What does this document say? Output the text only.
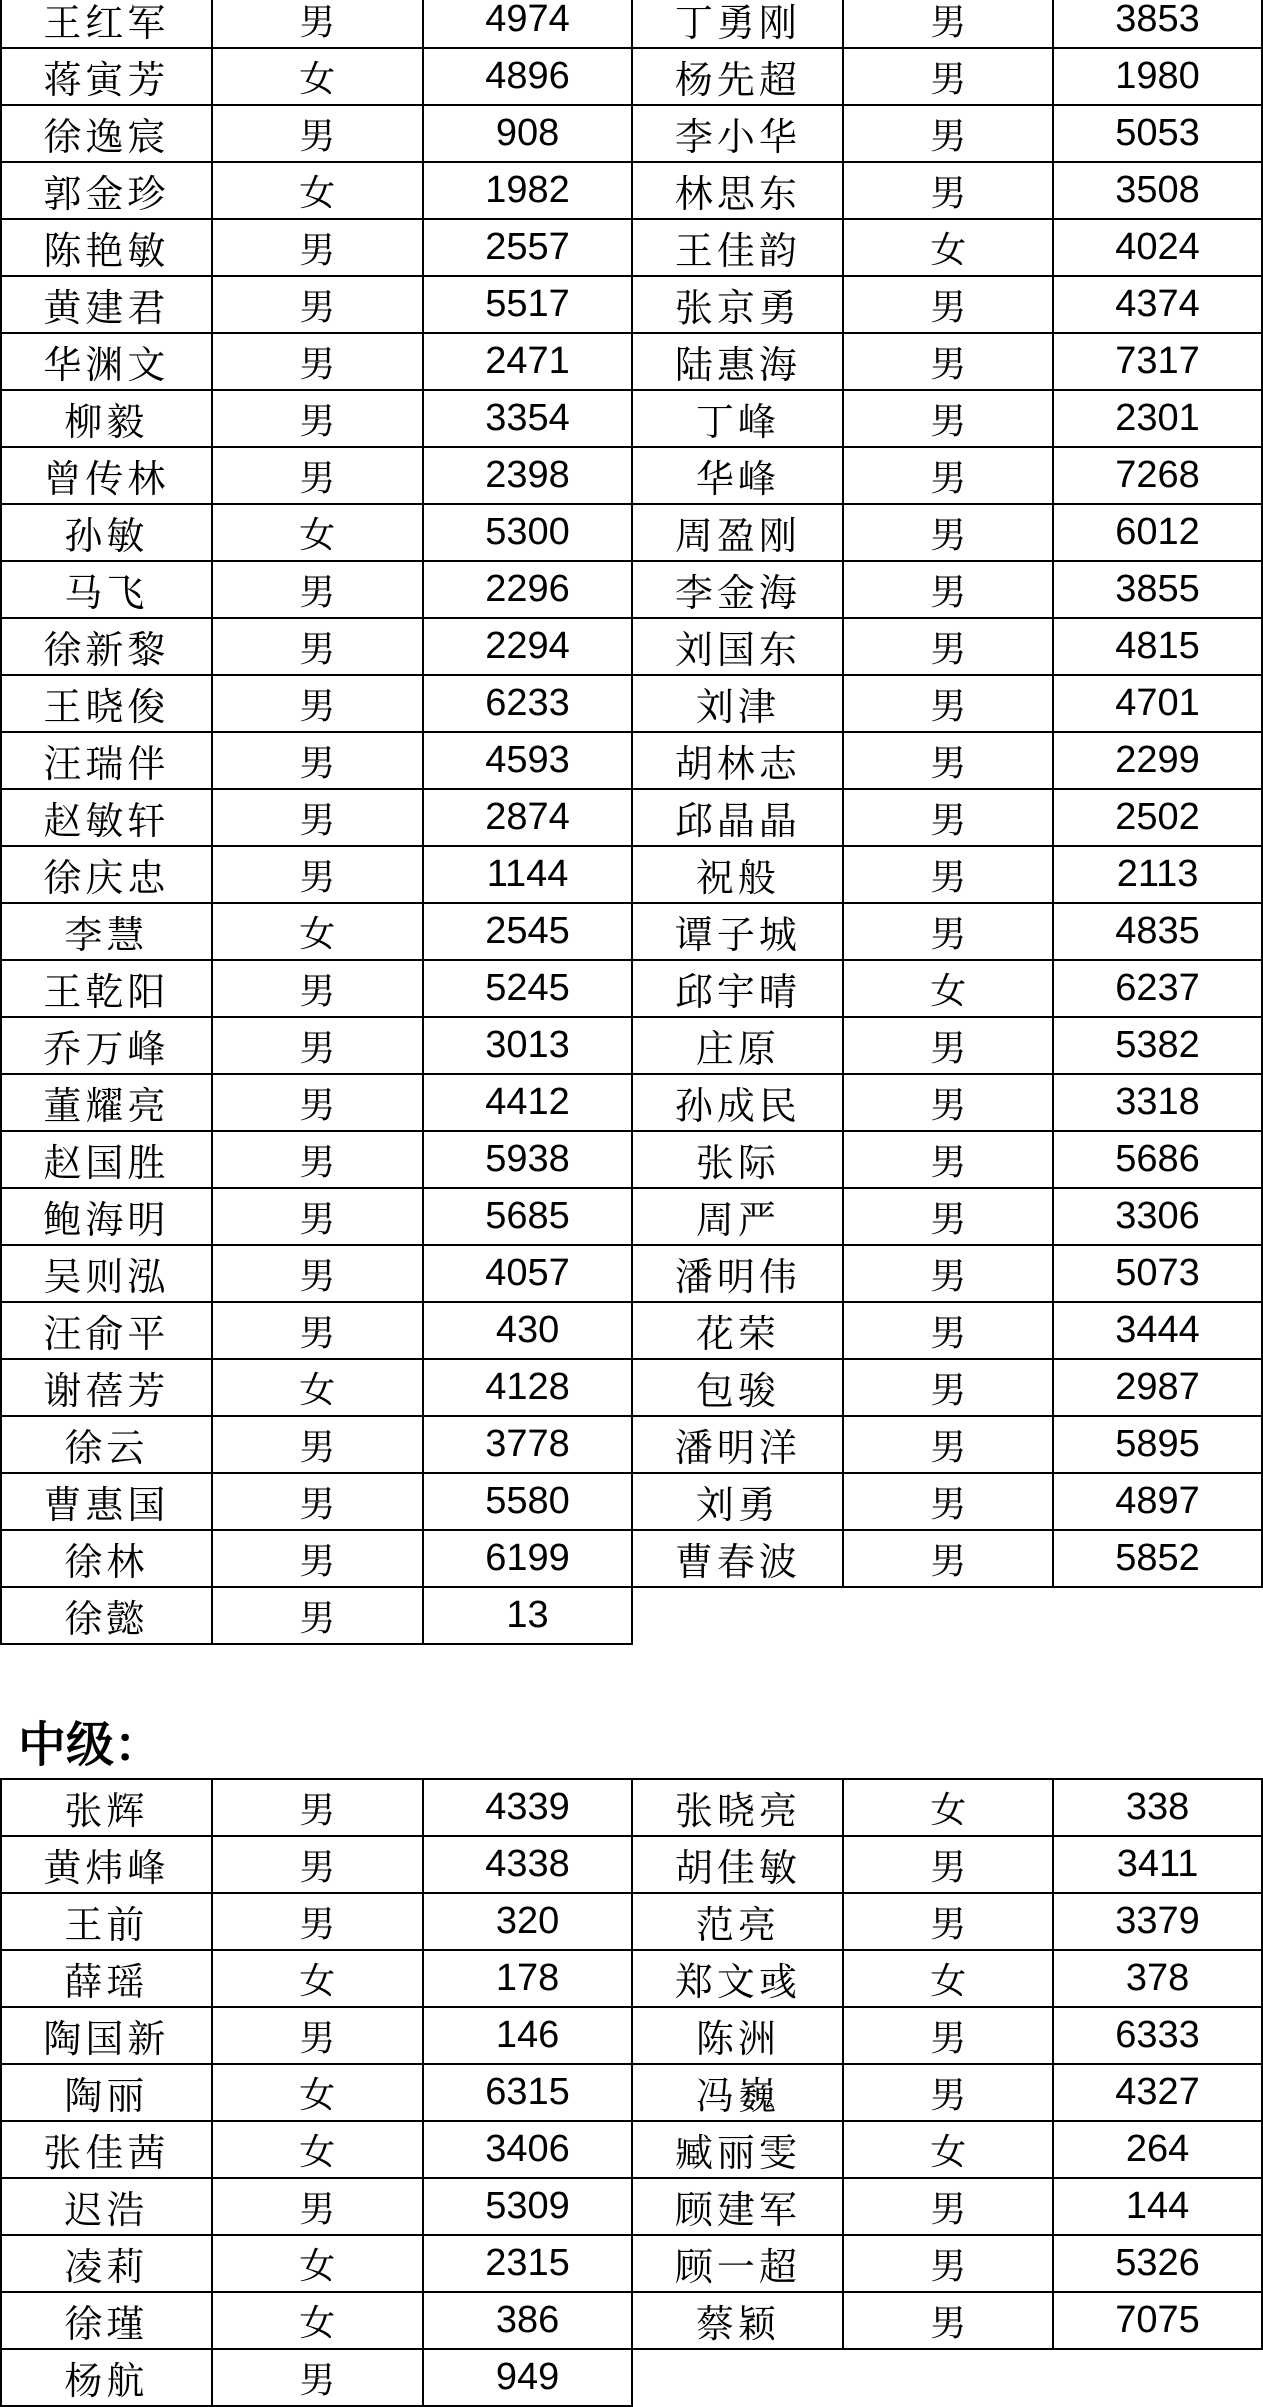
王红军	男	4974	丁勇刚	男	3853
蒋寅芳	女	4896	杨先超	男	1980
徐逸宸	男	908	李小华	男	5053
郭金珍	女	1982	林思东	男	3508
陈艳敏	男	2557	王佳韵	女	4024
黄建君	男	5517	张京勇	男	4374
华渊文	男	2471	陆惠海	男	7317
柳毅	男	3354	丁峰	男	2301
曾传林	男	2398	华峰	男	7268
孙敏	女	5300	周盈刚	男	6012
马飞	男	2296	李金海	男	3855
徐新黎	男	2294	刘国东	男	4815
王晓俊	男	6233	刘津	男	4701
汪瑞伴	男	4593	胡林志	男	2299
赵敏轩	男	2874	邱晶晶	男	2502
徐庆忠	男	1144	祝般	男	2113
李慧	女	2545	谭子城	男	4835
王乾阳	男	5245	邱宇晴	女	6237
乔万峰	男	3013	庄原	男	5382
董耀亮	男	4412	孙成民	男	3318
赵国胜	男	5938	张际	男	5686
鲍海明	男	5685	周严	男	3306
吴则泓	男	4057	潘明伟	男	5073
汪俞平	男	430	花荣	男	3444
谢蓓芳	女	4128	包骏	男	2987
徐云	男	3778	潘明洋	男	5895
曹惠国	男	5580	刘勇	男	4897
徐林	男	6199	曹春波	男	5852
徐懿	男	13			
中级：
张辉	男	4339	张晓亮	女	338
黄炜峰	男	4338	胡佳敏	男	3411
王前	男	320	范亮	男	3379
薛瑶	女	178	郑文彧	女	378
陶国新	男	146	陈洲	男	6333
陶丽	女	6315	冯巍	男	4327
张佳茜	女	3406	臧丽雯	女	264
迟浩	男	5309	顾建军	男	144
凌莉	女	2315	顾一超	男	5326
徐瑾	女	386	蔡颖	男	7075
杨航	男	949			
